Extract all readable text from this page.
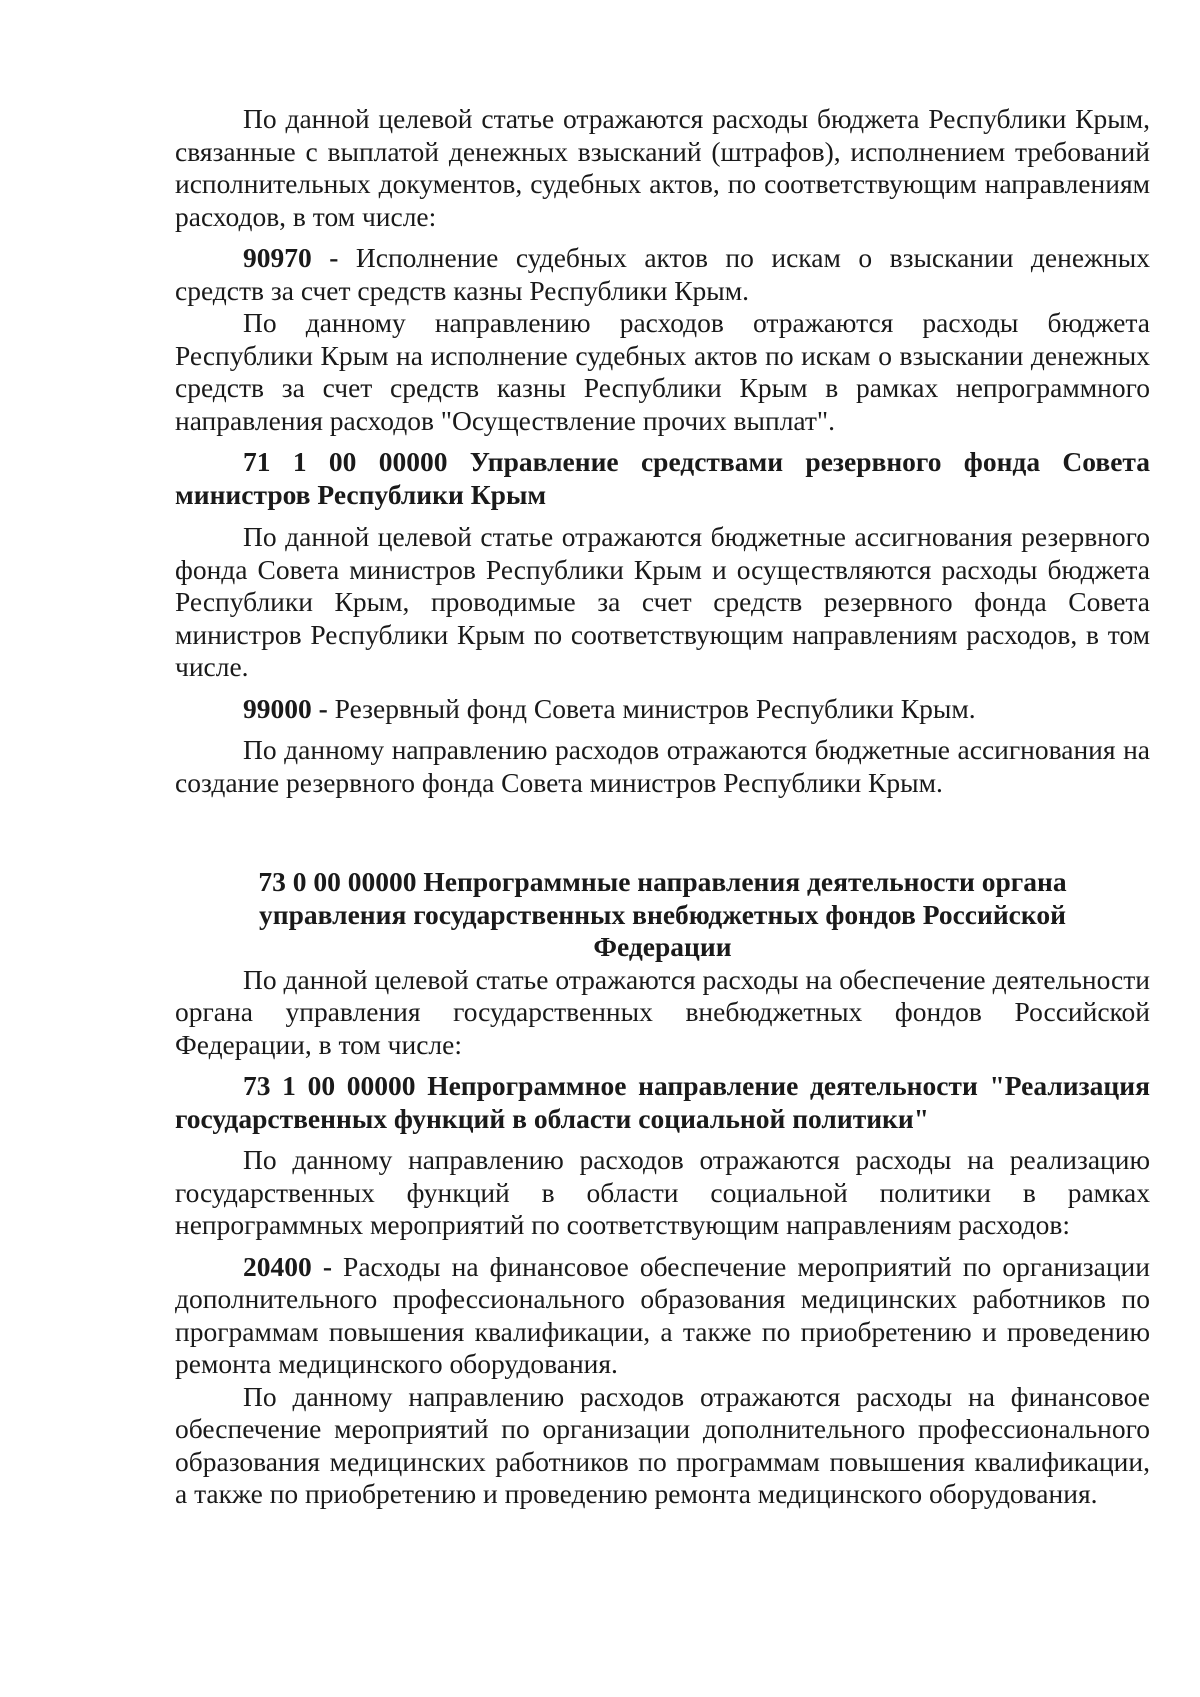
По данной целевой статье отражаются расходы бюджета Республики Крым, связанные с выплатой денежных взысканий (штрафов), исполнением требований исполнительных документов, судебных актов, по соответствующим направлениям расходов, в том числе:

90970 - Исполнение судебных актов по искам о взыскании денежных средств за счет средств казны Республики Крым.

По данному направлению расходов отражаются расходы бюджета Республики Крым на исполнение судебных актов по искам о взыскании денежных средств за счет средств казны Республики Крым в рамках непрограммного направления расходов "Осуществление прочих выплат".

71 1 00 00000 Управление средствами резервного фонда Совета министров Республики Крым

По данной целевой статье отражаются бюджетные ассигнования резервного фонда Совета министров Республики Крым и осуществляются расходы бюджета Республики Крым, проводимые за счет средств резервного фонда Совета министров Республики Крым по соответствующим направлениям расходов, в том числе.

99000 - Резервный фонд Совета министров Республики Крым.

По данному направлению расходов отражаются бюджетные ассигнования на создание резервного фонда Совета министров Республики Крым.

73 0 00 00000 Непрограммные направления деятельности органа управления государственных внебюджетных фондов Российской Федерации

По данной целевой статье отражаются расходы на обеспечение деятельности органа управления государственных внебюджетных фондов Российской Федерации, в том числе:

73 1 00 00000 Непрограммное направление деятельности "Реализация государственных функций в области социальной политики"

По данному направлению расходов отражаются расходы на реализацию государственных функций в области социальной политики в рамках непрограммных мероприятий по соответствующим направлениям расходов:

20400 - Расходы на финансовое обеспечение мероприятий по организации дополнительного профессионального образования медицинских работников по программам повышения квалификации, а также по приобретению и проведению ремонта медицинского оборудования.

По данному направлению расходов отражаются расходы на финансовое обеспечение мероприятий по организации дополнительного профессионального образования медицинских работников по программам повышения квалификации, а также по приобретению и проведению ремонта медицинского оборудования.
